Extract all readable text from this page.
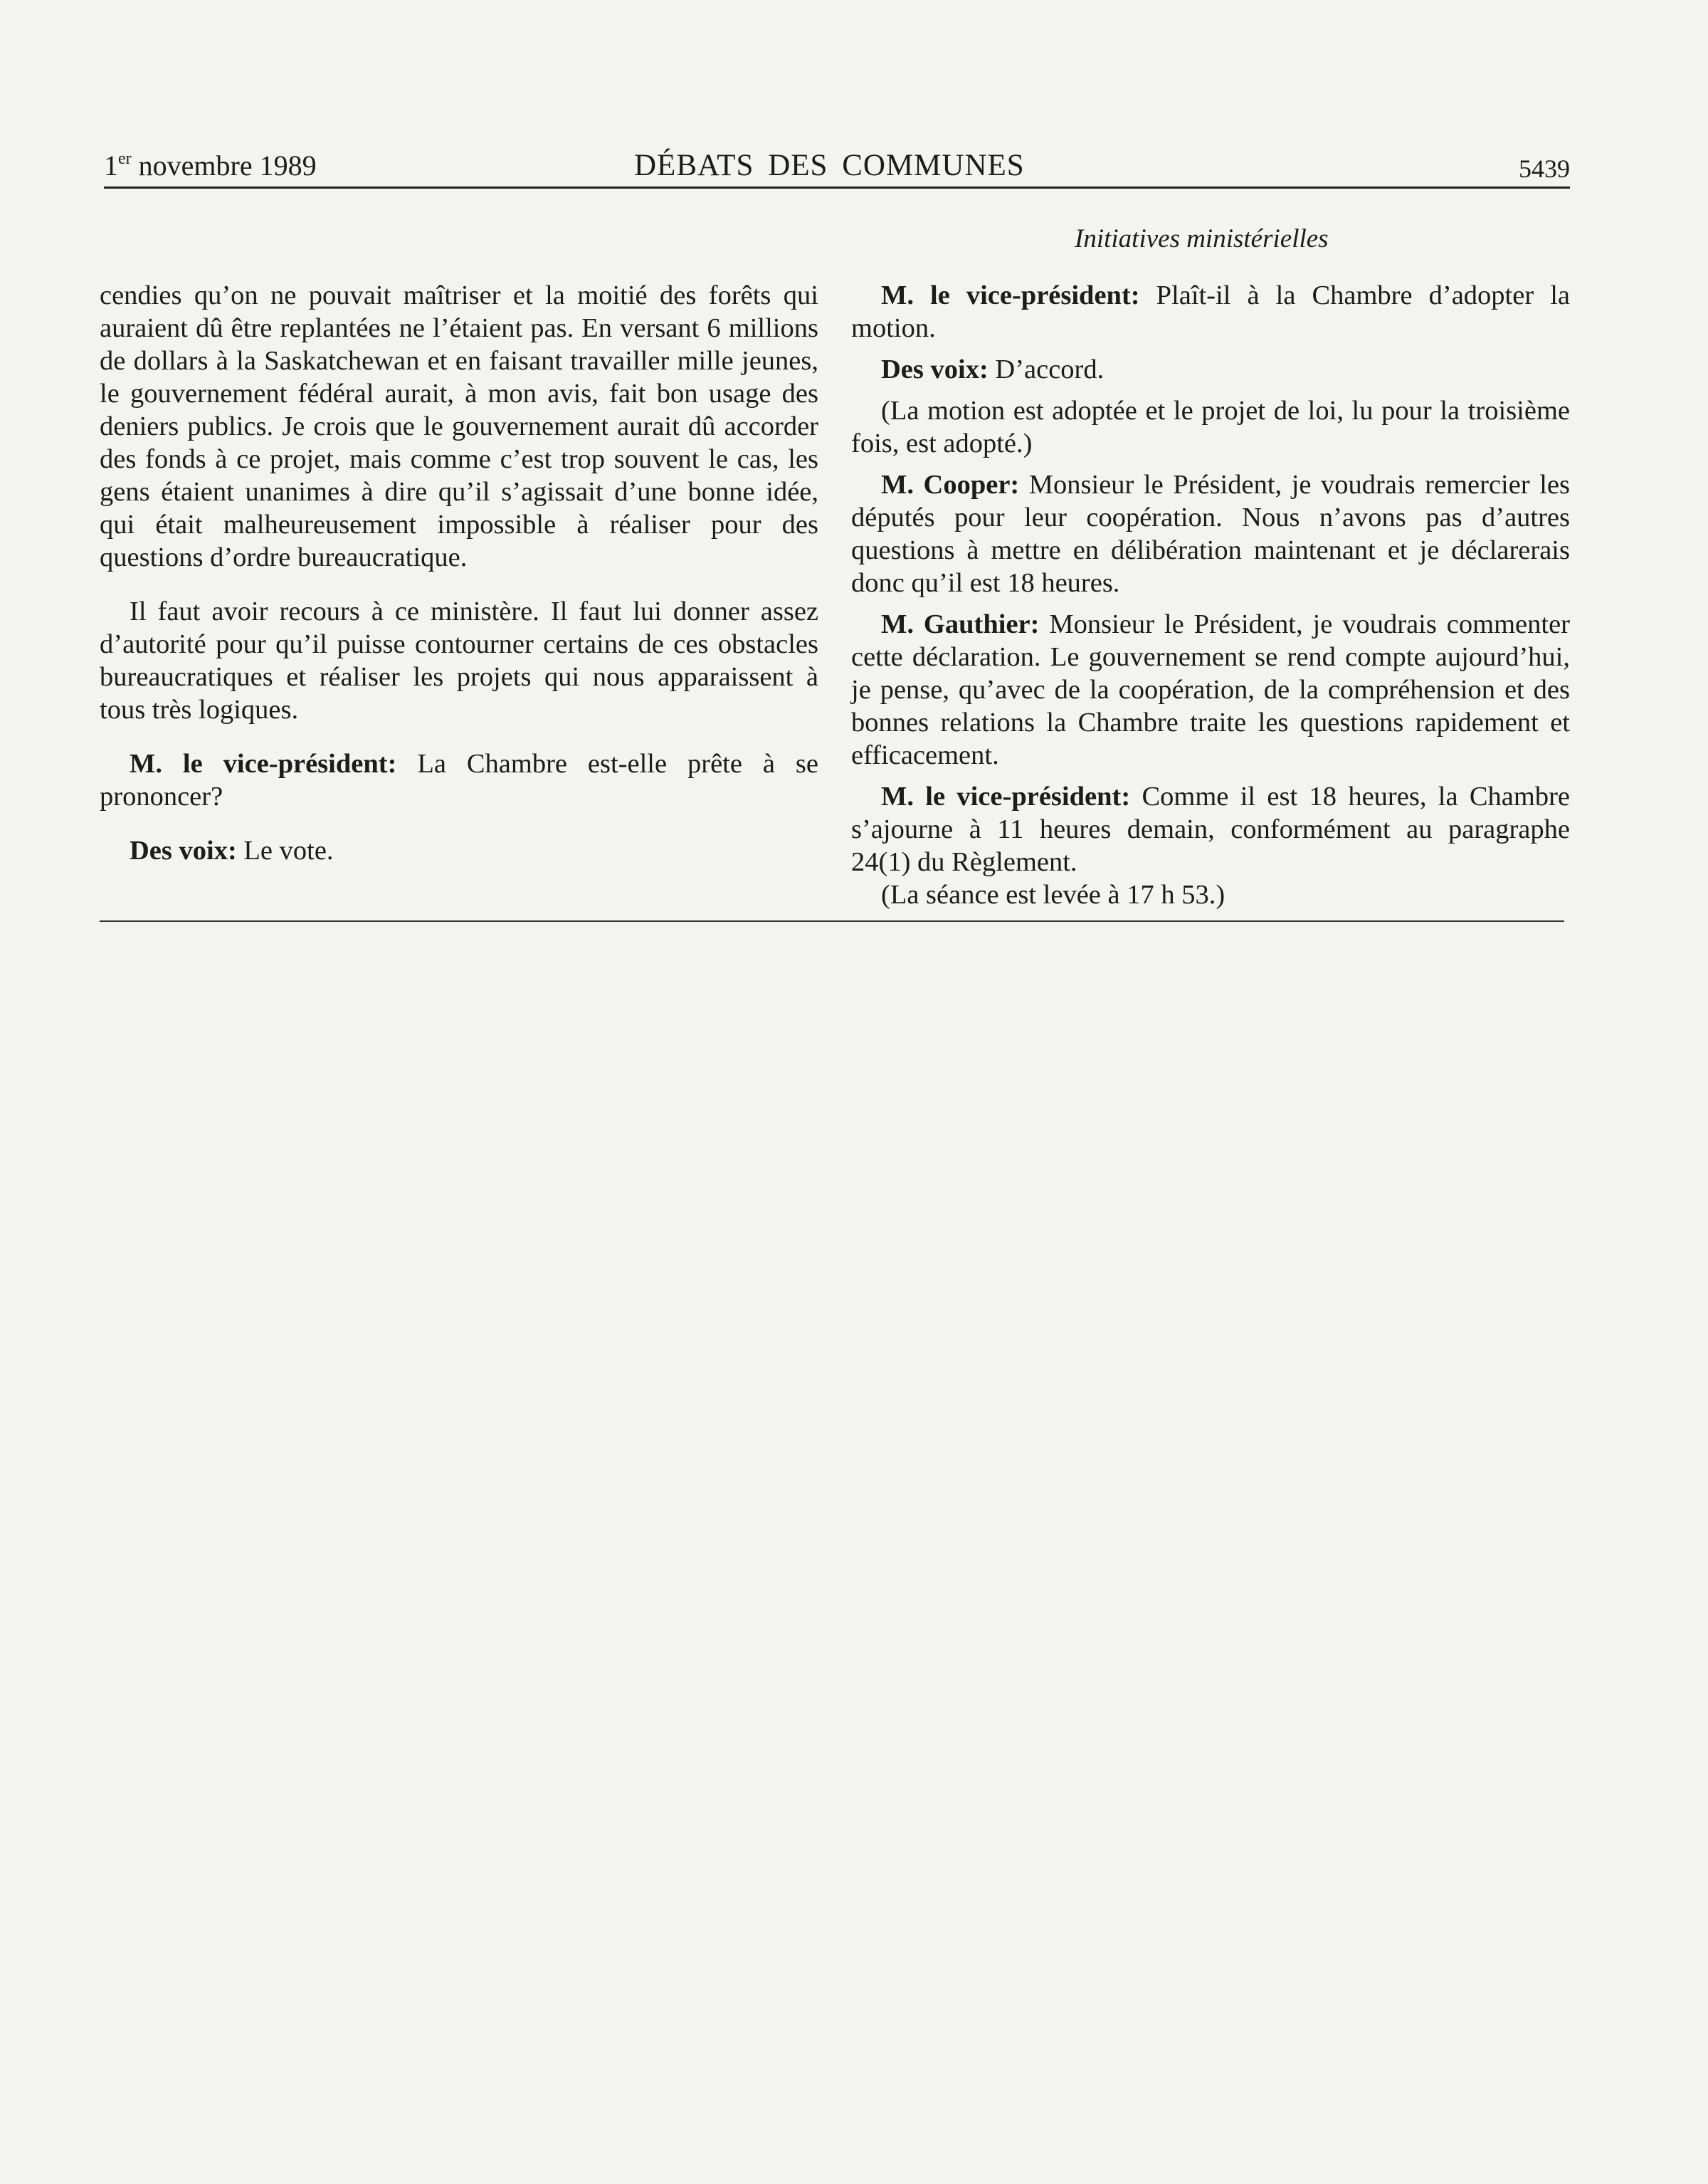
1er novembre 1989	DÉBATS DES COMMUNES	5439
Initiatives ministérielles

cendies qu’on ne pouvait maîtriser et la moitié des forêts qui auraient dû être replantées ne l’étaient pas. En versant 6 millions de dollars à la Saskatchewan et en faisant travailler mille jeunes, le gouvernement fédéral aurait, à mon avis, fait bon usage des deniers publics. Je crois que le gouvernement aurait dû accorder des fonds à ce projet, mais comme c’est trop souvent le cas, les gens étaient unanimes à dire qu’il s’agissait d’une bonne idée, qui était malheureusement impossible à réaliser pour des questions d’ordre bureaucratique.

Il faut avoir recours à ce ministère. Il faut lui donner assez d’autorité pour qu’il puisse contourner certains de ces obstacles bureaucratiques et réaliser les projets qui nous apparaissent à tous très logiques.

M. le vice-président: La Chambre est-elle prête à se prononcer?

Des voix: Le vote.

M. le vice-président: Plaît-il à la Chambre d’adopter la motion.

Des voix: D’accord.

(La motion est adoptée et le projet de loi, lu pour la troisième fois, est adopté.)

M. Cooper: Monsieur le Président, je voudrais remercier les députés pour leur coopération. Nous n’avons pas d’autres questions à mettre en délibération maintenant et je déclarerais donc qu’il est 18 heures.

M. Gauthier: Monsieur le Président, je voudrais commenter cette déclaration. Le gouvernement se rend compte aujourd’hui, je pense, qu’avec de la coopération, de la compréhension et des bonnes relations la Chambre traite les questions rapidement et efficacement.

M. le vice-président: Comme il est 18 heures, la Chambre s’ajourne à 11 heures demain, conformément au paragraphe 24(1) du Règlement.

(La séance est levée à 17 h 53.)
